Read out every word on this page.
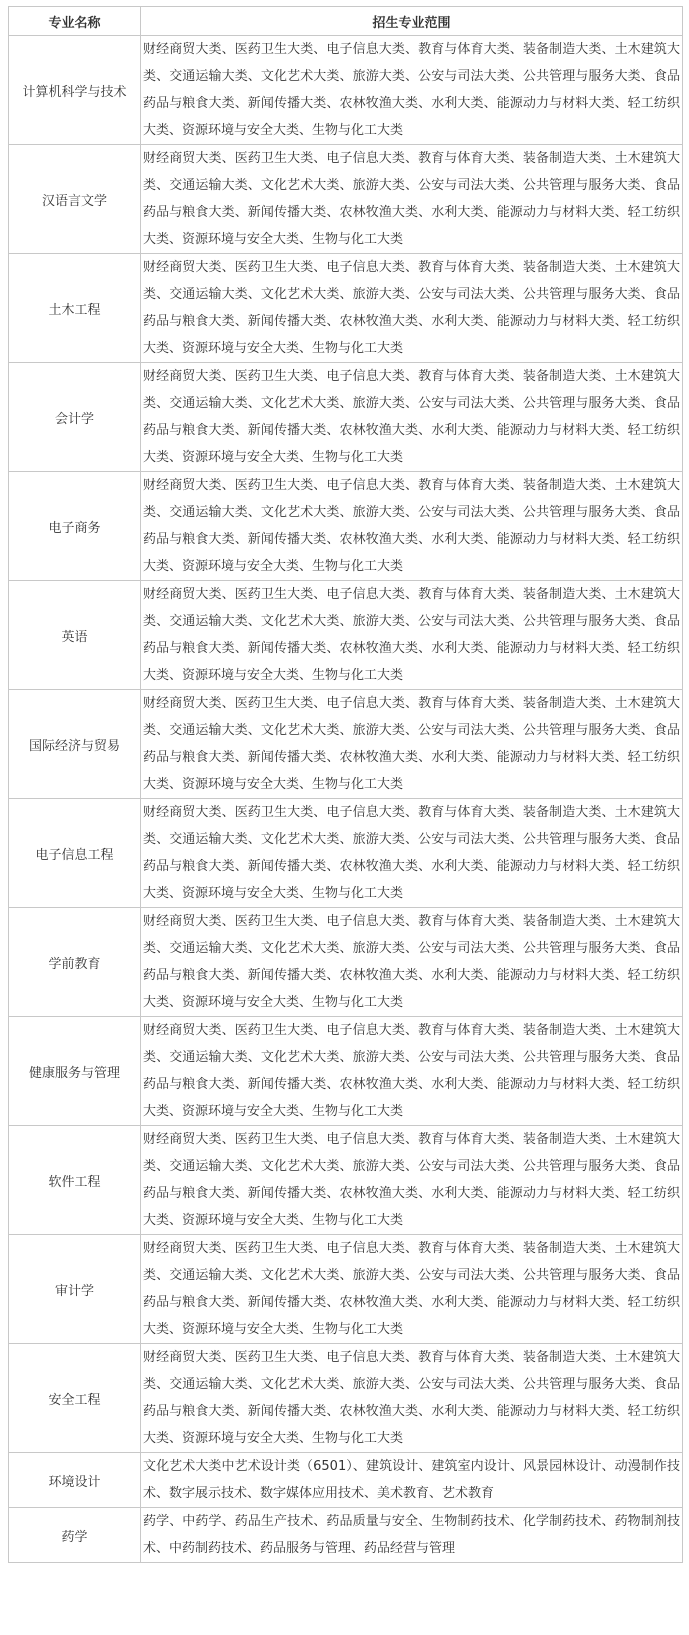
专业名称	招生专业范围
计算机科学与技术	财经商贸大类、医药卫生大类、电子信息大类、教育与体育大类、装备制造大类、土木建筑大类、交通运输大类、文化艺术大类、旅游大类、公安与司法大类、公共管理与服务大类、食品药品与粮食大类、新闻传播大类、农林牧渔大类、水利大类、能源动力与材料大类、轻工纺织大类、资源环境与安全大类、生物与化工大类

汉语言文学	财经商贸大类、医药卫生大类、电子信息大类、教育与体育大类、装备制造大类、土木建筑大类、交通运输大类、文化艺术大类、旅游大类、公安与司法大类、公共管理与服务大类、食品药品与粮食大类、新闻传播大类、农林牧渔大类、水利大类、能源动力与材料大类、轻工纺织大类、资源环境与安全大类、生物与化工大类

土木工程	财经商贸大类、医药卫生大类、电子信息大类、教育与体育大类、装备制造大类、土木建筑大类、交通运输大类、文化艺术大类、旅游大类、公安与司法大类、公共管理与服务大类、食品药品与粮食大类、新闻传播大类、农林牧渔大类、水利大类、能源动力与材料大类、轻工纺织大类、资源环境与安全大类、生物与化工大类

会计学	财经商贸大类、医药卫生大类、电子信息大类、教育与体育大类、装备制造大类、土木建筑大类、交通运输大类、文化艺术大类、旅游大类、公安与司法大类、公共管理与服务大类、食品药品与粮食大类、新闻传播大类、农林牧渔大类、水利大类、能源动力与材料大类、轻工纺织大类、资源环境与安全大类、生物与化工大类

电子商务	财经商贸大类、医药卫生大类、电子信息大类、教育与体育大类、装备制造大类、土木建筑大类、交通运输大类、文化艺术大类、旅游大类、公安与司法大类、公共管理与服务大类、食品药品与粮食大类、新闻传播大类、农林牧渔大类、水利大类、能源动力与材料大类、轻工纺织大类、资源环境与安全大类、生物与化工大类

英语	财经商贸大类、医药卫生大类、电子信息大类、教育与体育大类、装备制造大类、土木建筑大类、交通运输大类、文化艺术大类、旅游大类、公安与司法大类、公共管理与服务大类、食品药品与粮食大类、新闻传播大类、农林牧渔大类、水利大类、能源动力与材料大类、轻工纺织大类、资源环境与安全大类、生物与化工大类

国际经济与贸易	财经商贸大类、医药卫生大类、电子信息大类、教育与体育大类、装备制造大类、土木建筑大类、交通运输大类、文化艺术大类、旅游大类、公安与司法大类、公共管理与服务大类、食品药品与粮食大类、新闻传播大类、农林牧渔大类、水利大类、能源动力与材料大类、轻工纺织大类、资源环境与安全大类、生物与化工大类

电子信息工程	财经商贸大类、医药卫生大类、电子信息大类、教育与体育大类、装备制造大类、土木建筑大类、交通运输大类、文化艺术大类、旅游大类、公安与司法大类、公共管理与服务大类、食品药品与粮食大类、新闻传播大类、农林牧渔大类、水利大类、能源动力与材料大类、轻工纺织大类、资源环境与安全大类、生物与化工大类

学前教育	财经商贸大类、医药卫生大类、电子信息大类、教育与体育大类、装备制造大类、土木建筑大类、交通运输大类、文化艺术大类、旅游大类、公安与司法大类、公共管理与服务大类、食品药品与粮食大类、新闻传播大类、农林牧渔大类、水利大类、能源动力与材料大类、轻工纺织大类、资源环境与安全大类、生物与化工大类

健康服务与管理	财经商贸大类、医药卫生大类、电子信息大类、教育与体育大类、装备制造大类、土木建筑大类、交通运输大类、文化艺术大类、旅游大类、公安与司法大类、公共管理与服务大类、食品药品与粮食大类、新闻传播大类、农林牧渔大类、水利大类、能源动力与材料大类、轻工纺织大类、资源环境与安全大类、生物与化工大类

软件工程	财经商贸大类、医药卫生大类、电子信息大类、教育与体育大类、装备制造大类、土木建筑大类、交通运输大类、文化艺术大类、旅游大类、公安与司法大类、公共管理与服务大类、食品药品与粮食大类、新闻传播大类、农林牧渔大类、水利大类、能源动力与材料大类、轻工纺织大类、资源环境与安全大类、生物与化工大类

审计学	财经商贸大类、医药卫生大类、电子信息大类、教育与体育大类、装备制造大类、土木建筑大类、交通运输大类、文化艺术大类、旅游大类、公安与司法大类、公共管理与服务大类、食品药品与粮食大类、新闻传播大类、农林牧渔大类、水利大类、能源动力与材料大类、轻工纺织大类、资源环境与安全大类、生物与化工大类

安全工程	财经商贸大类、医药卫生大类、电子信息大类、教育与体育大类、装备制造大类、土木建筑大类、交通运输大类、文化艺术大类、旅游大类、公安与司法大类、公共管理与服务大类、食品药品与粮食大类、新闻传播大类、农林牧渔大类、水利大类、能源动力与材料大类、轻工纺织大类、资源环境与安全大类、生物与化工大类

环境设计	文化艺术大类中艺术设计类（6501）、建筑设计、建筑室内设计、风景园林设计、动漫制作技术、数字展示技术、数字媒体应用技术、美术教育、艺术教育

药学	药学、中药学、药品生产技术、药品质量与安全、生物制药技术、化学制药技术、药物制剂技术、中药制药技术、药品服务与管理、药品经营与管理
